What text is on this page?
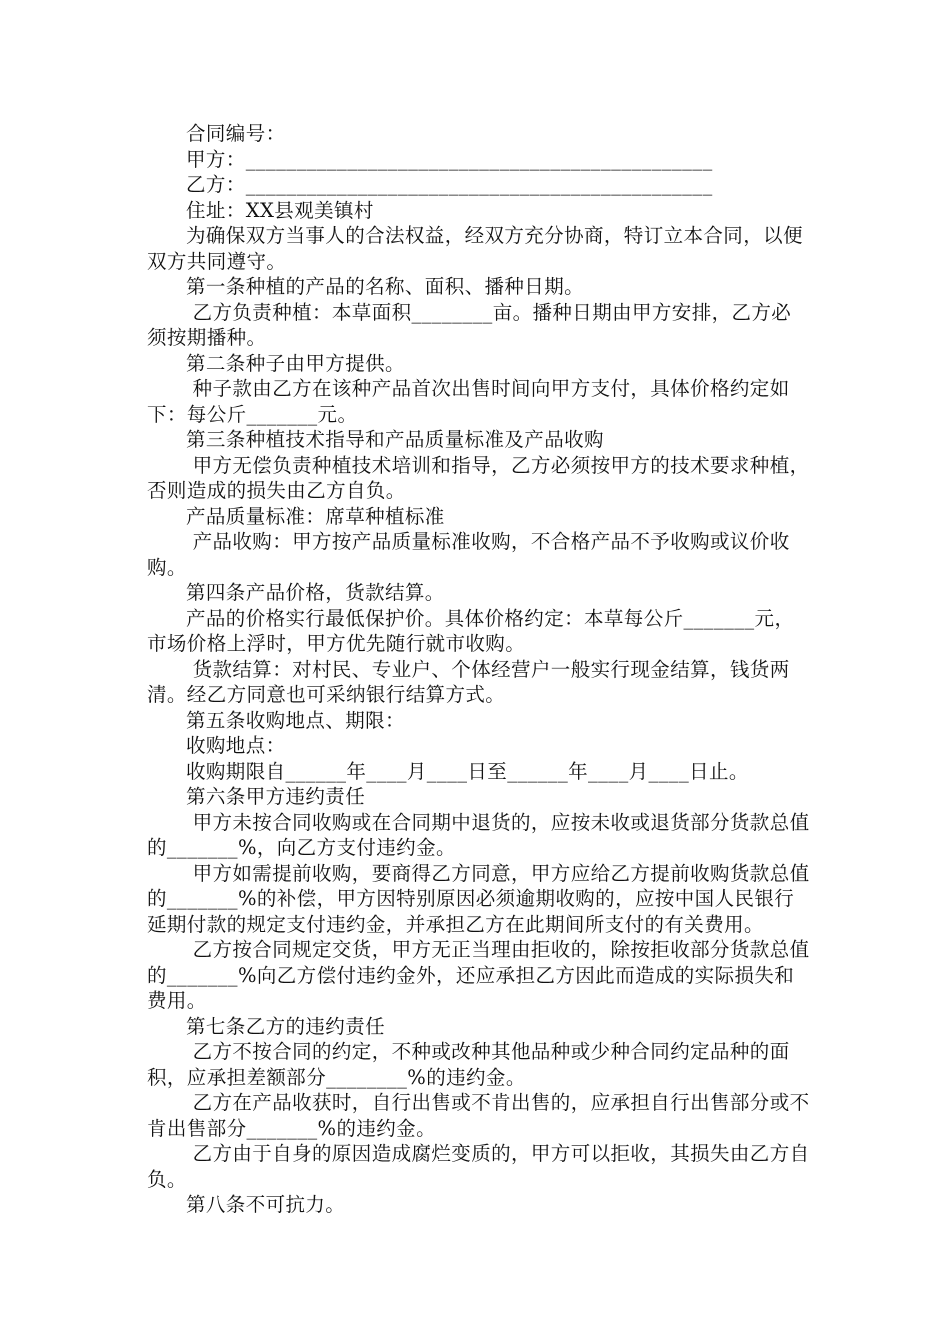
合同编号：

甲方：______________________________________________

乙方：______________________________________________

住址：XX县观美镇村

为确保双方当事人的合法权益，经双方充分协商，特订立本合同，以便双方共同遵守。

第一条种植的产品的名称、面积、播种日期。

乙方负责种植：本草面积________亩。播种日期由甲方安排，乙方必须按期播种。

第二条种子由甲方提供。

种子款由乙方在该种产品首次出售时间向甲方支付，具体价格约定如下：每公斤_______元。

第三条种植技术指导和产品质量标准及产品收购

甲方无偿负责种植技术培训和指导，乙方必须按甲方的技术要求种植，否则造成的损失由乙方自负。

产品质量标准：席草种植标准

产品收购：甲方按产品质量标准收购，不合格产品不予收购或议价收购。

第四条产品价格，货款结算。

产品的价格实行最低保护价。具体价格约定：本草每公斤_______元，市场价格上浮时，甲方优先随行就市收购。

货款结算：对村民、专业户、个体经营户一般实行现金结算，钱货两清。经乙方同意也可采纳银行结算方式。

第五条收购地点、期限：

收购地点：

收购期限自______年____月____日至______年____月____日止。

第六条甲方违约责任

甲方未按合同收购或在合同期中退货的，应按未收或退货部分货款总值的_______%，向乙方支付违约金。

甲方如需提前收购，要商得乙方同意，甲方应给乙方提前收购货款总值的_______%的补偿，甲方因特别原因必须逾期收购的，应按中国人民银行延期付款的规定支付违约金，并承担乙方在此期间所支付的有关费用。

乙方按合同规定交货，甲方无正当理由拒收的，除按拒收部分货款总值的_______%向乙方偿付违约金外，还应承担乙方因此而造成的实际损失和费用。

第七条乙方的违约责任

乙方不按合同的约定，不种或改种其他品种或少种合同约定品种的面积，应承担差额部分________%的违约金。

乙方在产品收获时，自行出售或不肯出售的，应承担自行出售部分或不肯出售部分_______%的违约金。

乙方由于自身的原因造成腐烂变质的，甲方可以拒收，其损失由乙方自负。

第八条不可抗力。
